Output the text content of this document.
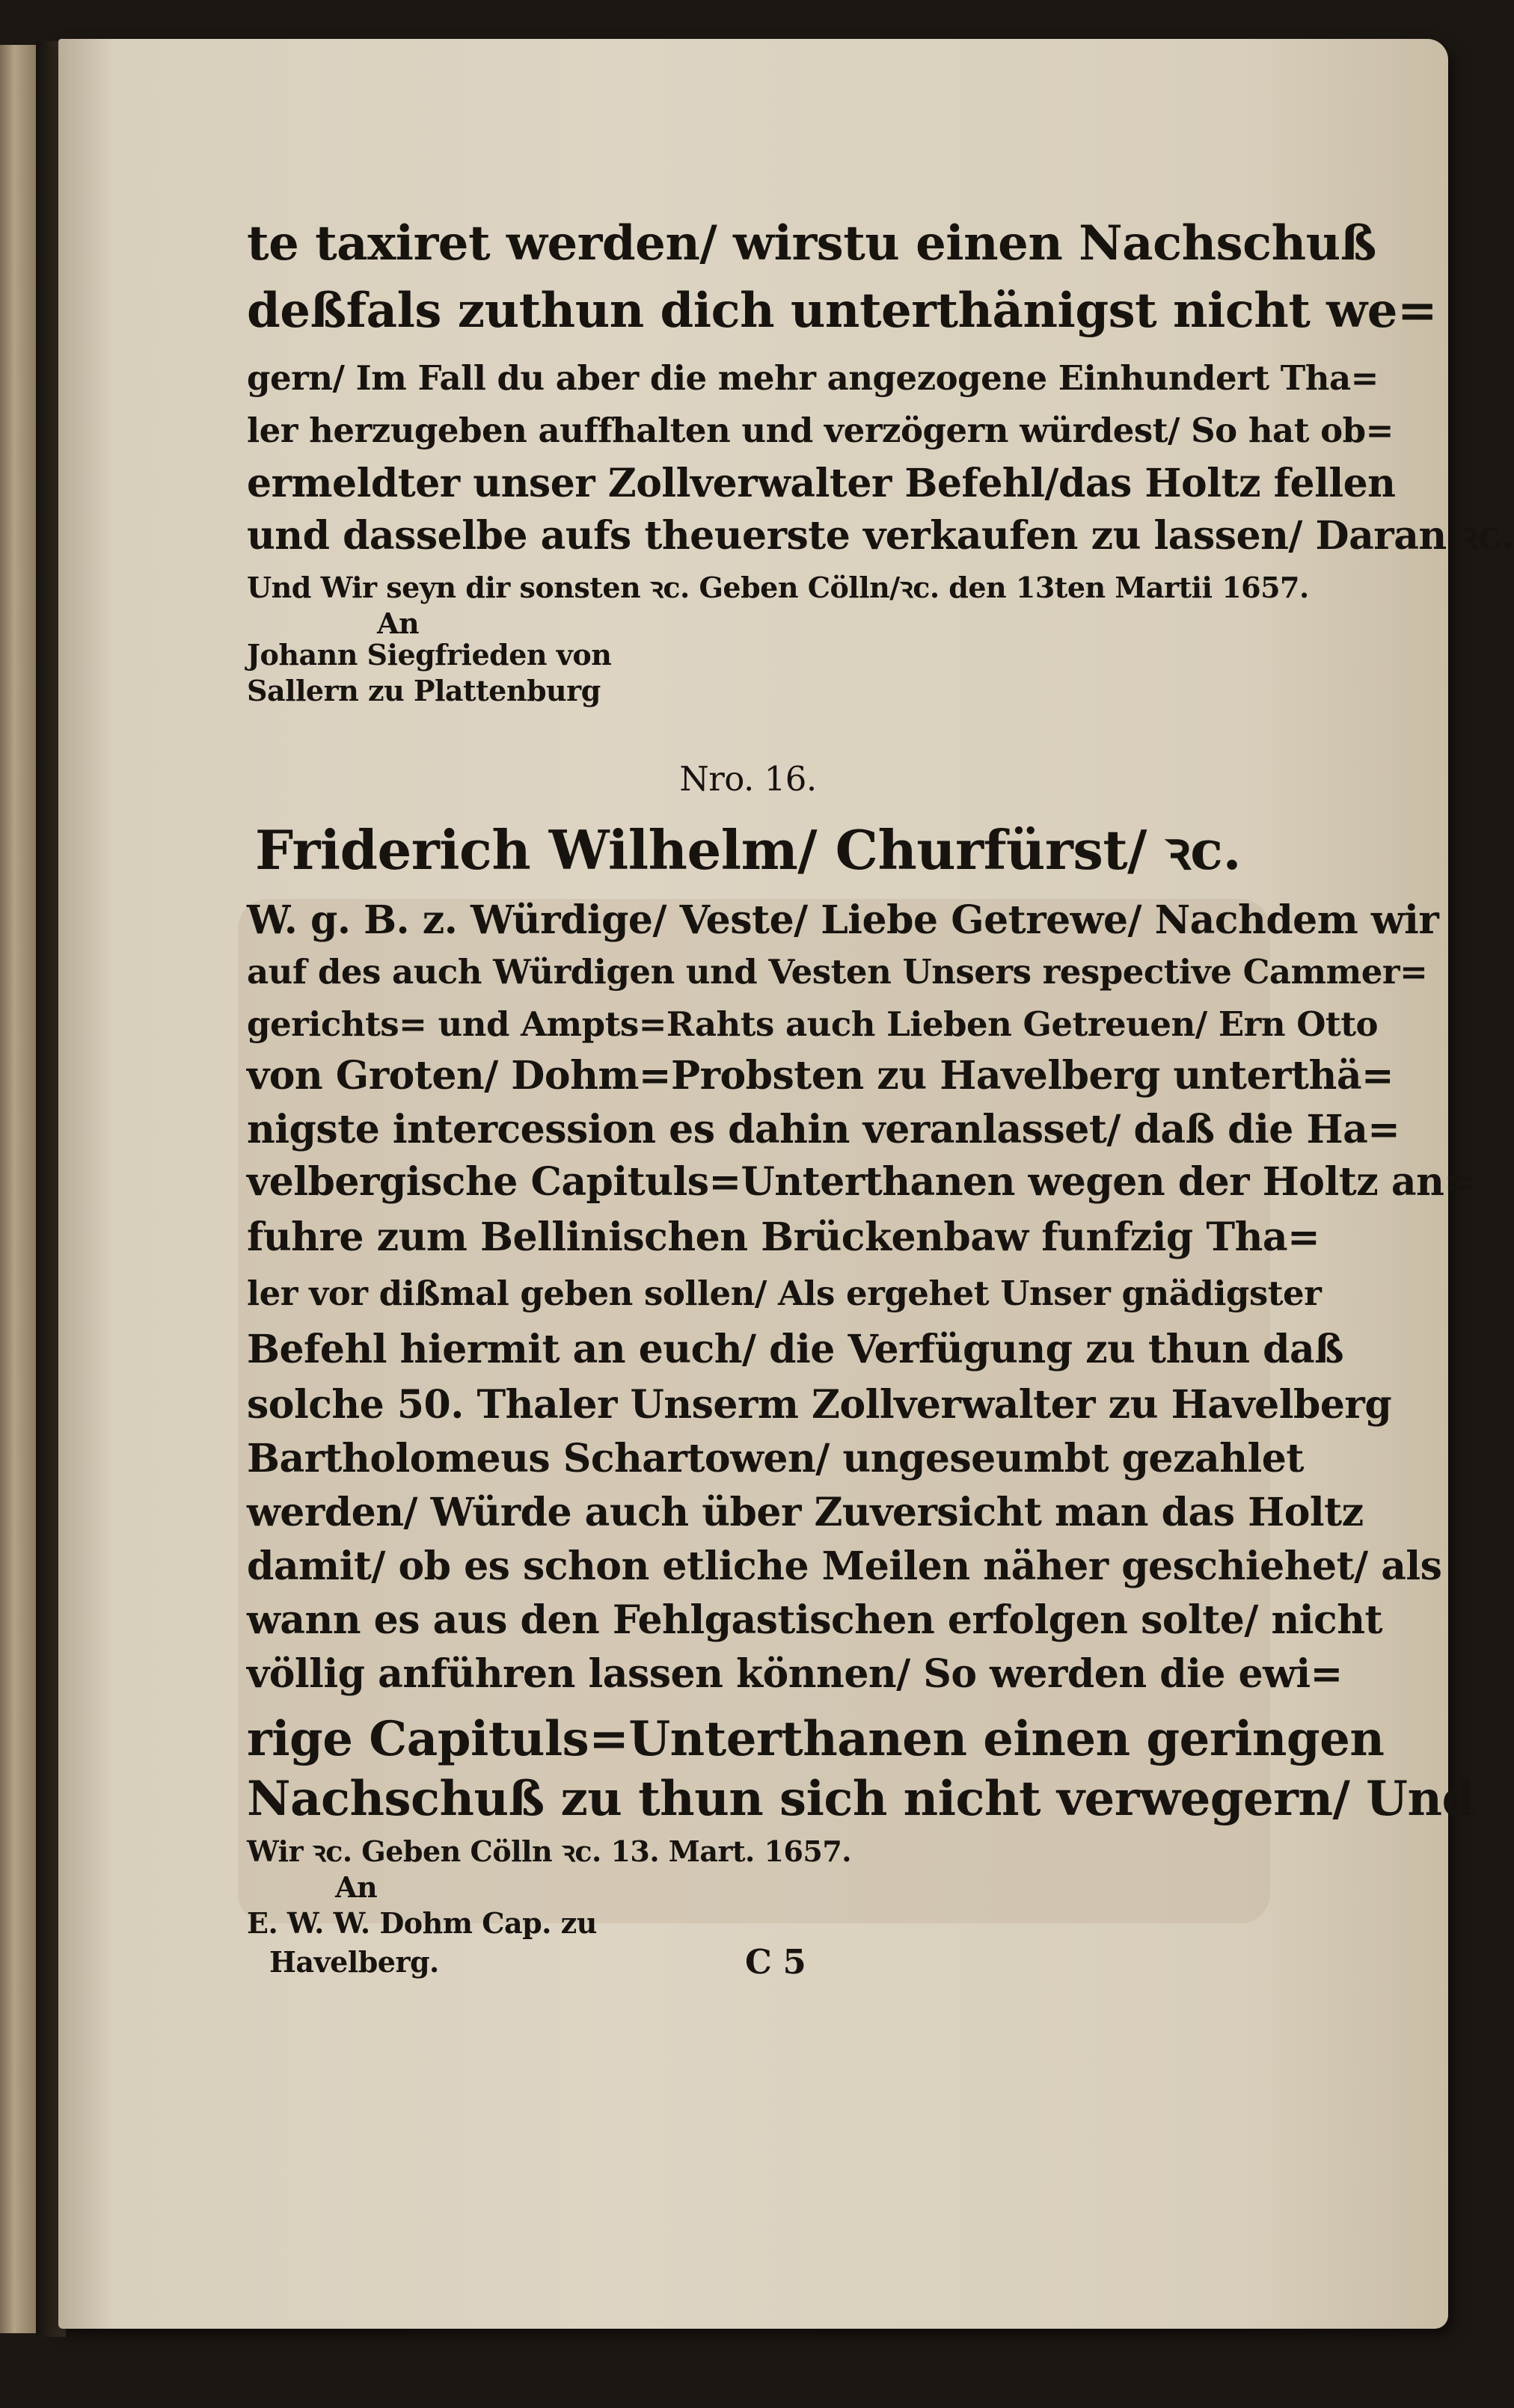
te taxiret werden/ wirstu einen Nachschuß
deßfals zuthun dich unterthänigst nicht we=
gern/ Im Fall du aber die mehr angezogene Einhundert Tha=
ler herzugeben auffhalten und verzögern würdest/ So hat ob=
ermeldter unser Zollverwalter Befehl/das Holtz fellen
und dasselbe aufs theuerste verkaufen zu lassen/ Daran ꝛc.
Und Wir seyn dir sonsten ꝛc. Geben Cölln/ꝛc. den 13ten Martii 1657.
An
Johann Siegfrieden von
Sallern zu Plattenburg
Nro. 16.
Friderich Wilhelm/ Churfürst/ ꝛc.
W. g. B. z. Würdige/ Veste/ Liebe Getrewe/ Nachdem wir
auf des auch Würdigen und Vesten Unsers respective Cammer=
gerichts= und Ampts=Rahts auch Lieben Getreuen/ Ern Otto
von Groten/ Dohm=Probsten zu Havelberg unterthä=
nigste intercession es dahin veranlasset/ daß die Ha=
velbergische Capituls=Unterthanen wegen der Holtz an=
fuhre zum Bellinischen Brückenbaw funfzig Tha=
ler vor dißmal geben sollen/ Als ergehet Unser gnädigster
Befehl hiermit an euch/ die Verfügung zu thun daß
solche 50. Thaler Unserm Zollverwalter zu Havelberg
Bartholomeus Schartowen/ ungeseumbt gezahlet
werden/ Würde auch über Zuversicht man das Holtz
damit/ ob es schon etliche Meilen näher geschiehet/ als
wann es aus den Fehlgastischen erfolgen solte/ nicht
völlig anführen lassen können/ So werden die ewi=
rige Capituls=Unterthanen einen geringen
Nachschuß zu thun sich nicht verwegern/ Und
Wir ꝛc. Geben Cölln ꝛc. 13. Mart. 1657.
An
E. W. W. Dohm Cap. zu
Havelberg.	C 5
